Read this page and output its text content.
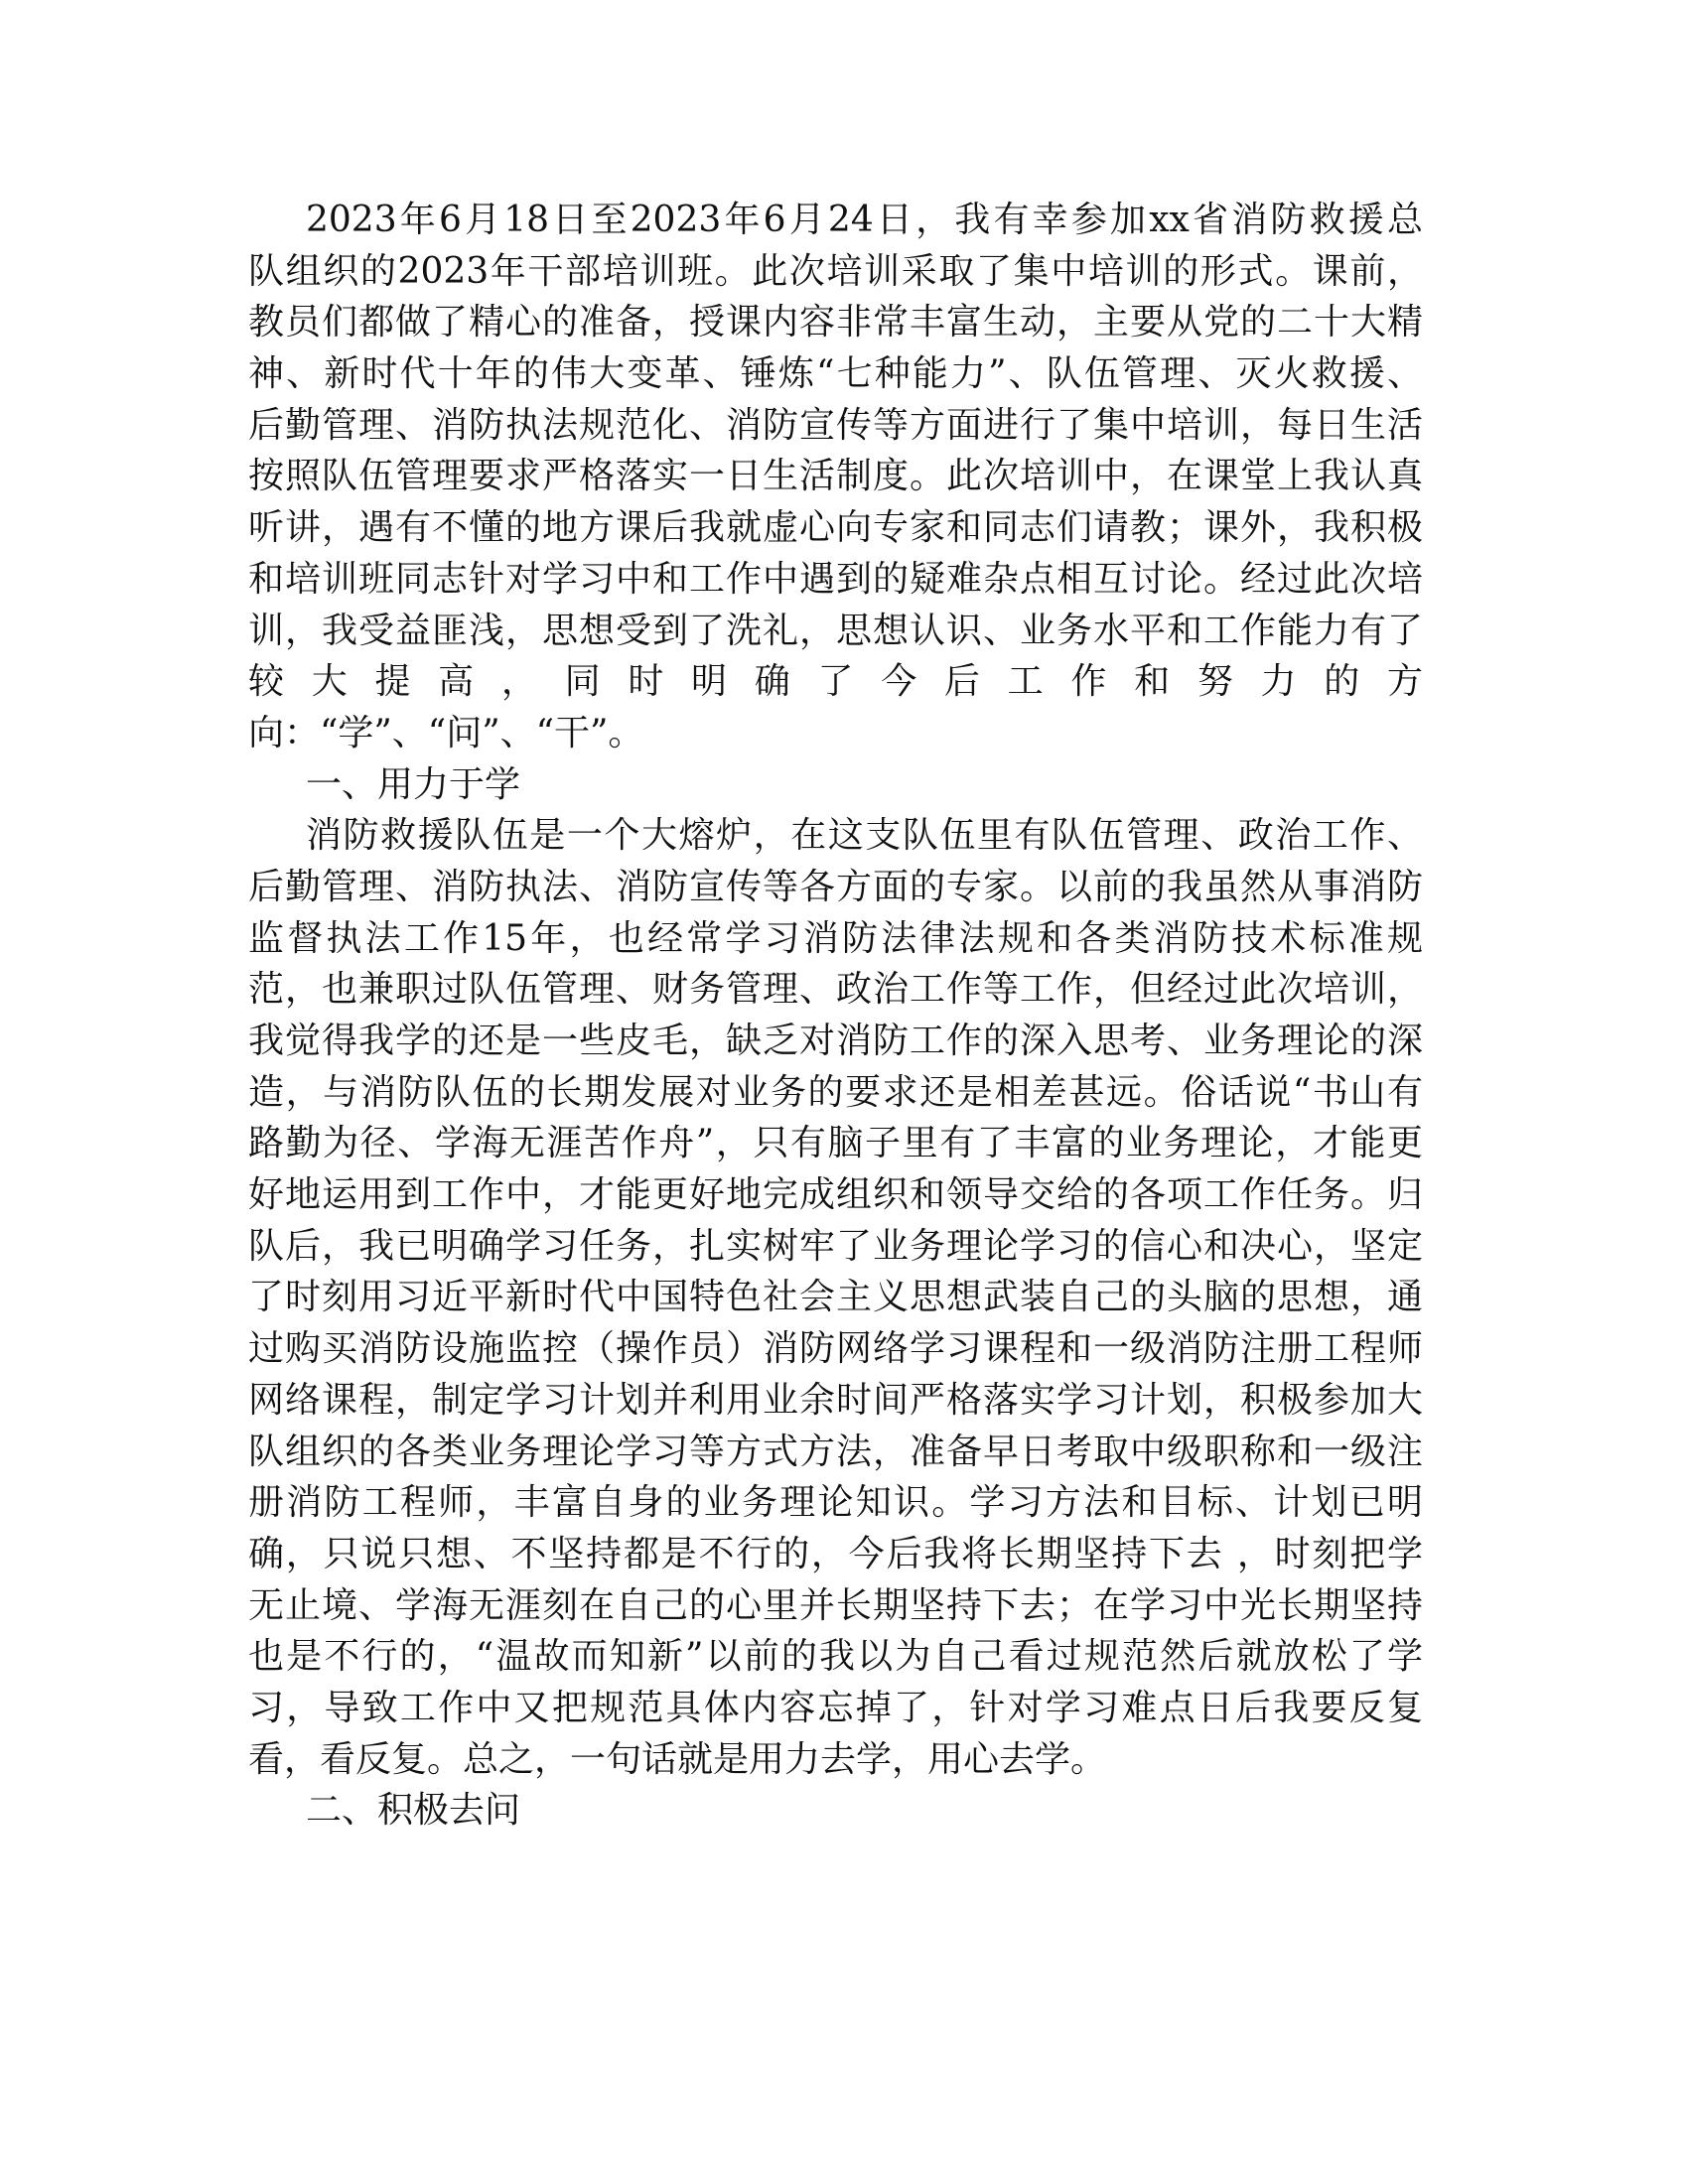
2023年6月18日至2023年6月24日，我有幸参加xx省消防救援总
队组织的2023年干部培训班。此次培训采取了集中培训的形式。课前，
教员们都做了精心的准备，授课内容非常丰富生动，主要从党的二十大精
神、新时代十年的伟大变革、锤炼“七种能力”、队伍管理、灭火救援、
后勤管理、消防执法规范化、消防宣传等方面进行了集中培训，每日生活
按照队伍管理要求严格落实一日生活制度。此次培训中，在课堂上我认真
听讲，遇有不懂的地方课后我就虚心向专家和同志们请教；课外，我积极
和培训班同志针对学习中和工作中遇到的疑难杂点相互讨论。经过此次培
训，我受益匪浅，思想受到了洗礼，思想认识、业务水平和工作能力有了
较大提高，同时明确了今后工作和努力的方
向：“学”、“问”、“干”。
一、用力于学
消防救援队伍是一个大熔炉，在这支队伍里有队伍管理、政治工作、
后勤管理、消防执法、消防宣传等各方面的专家。以前的我虽然从事消防
监督执法工作15年，也经常学习消防法律法规和各类消防技术标准规
范，也兼职过队伍管理、财务管理、政治工作等工作，但经过此次培训，
我觉得我学的还是一些皮毛，缺乏对消防工作的深入思考、业务理论的深
造，与消防队伍的长期发展对业务的要求还是相差甚远。俗话说“书山有
路勤为径、学海无涯苦作舟”，只有脑子里有了丰富的业务理论，才能更
好地运用到工作中，才能更好地完成组织和领导交给的各项工作任务。归
队后，我已明确学习任务，扎实树牢了业务理论学习的信心和决心，坚定
了时刻用习近平新时代中国特色社会主义思想武装自己的头脑的思想，通
过购买消防设施监控（操作员）消防网络学习课程和一级消防注册工程师
网络课程，制定学习计划并利用业余时间严格落实学习计划，积极参加大
队组织的各类业务理论学习等方式方法，准备早日考取中级职称和一级注
册消防工程师，丰富自身的业务理论知识。学习方法和目标、计划已明
确，只说只想、不坚持都是不行的，今后我将长期坚持下去 ，时刻把学
无止境、学海无涯刻在自己的心里并长期坚持下去；在学习中光长期坚持
也是不行的，“温故而知新”以前的我以为自己看过规范然后就放松了学
习，导致工作中又把规范具体内容忘掉了，针对学习难点日后我要反复
看，看反复。总之，一句话就是用力去学，用心去学。
二、积极去问
